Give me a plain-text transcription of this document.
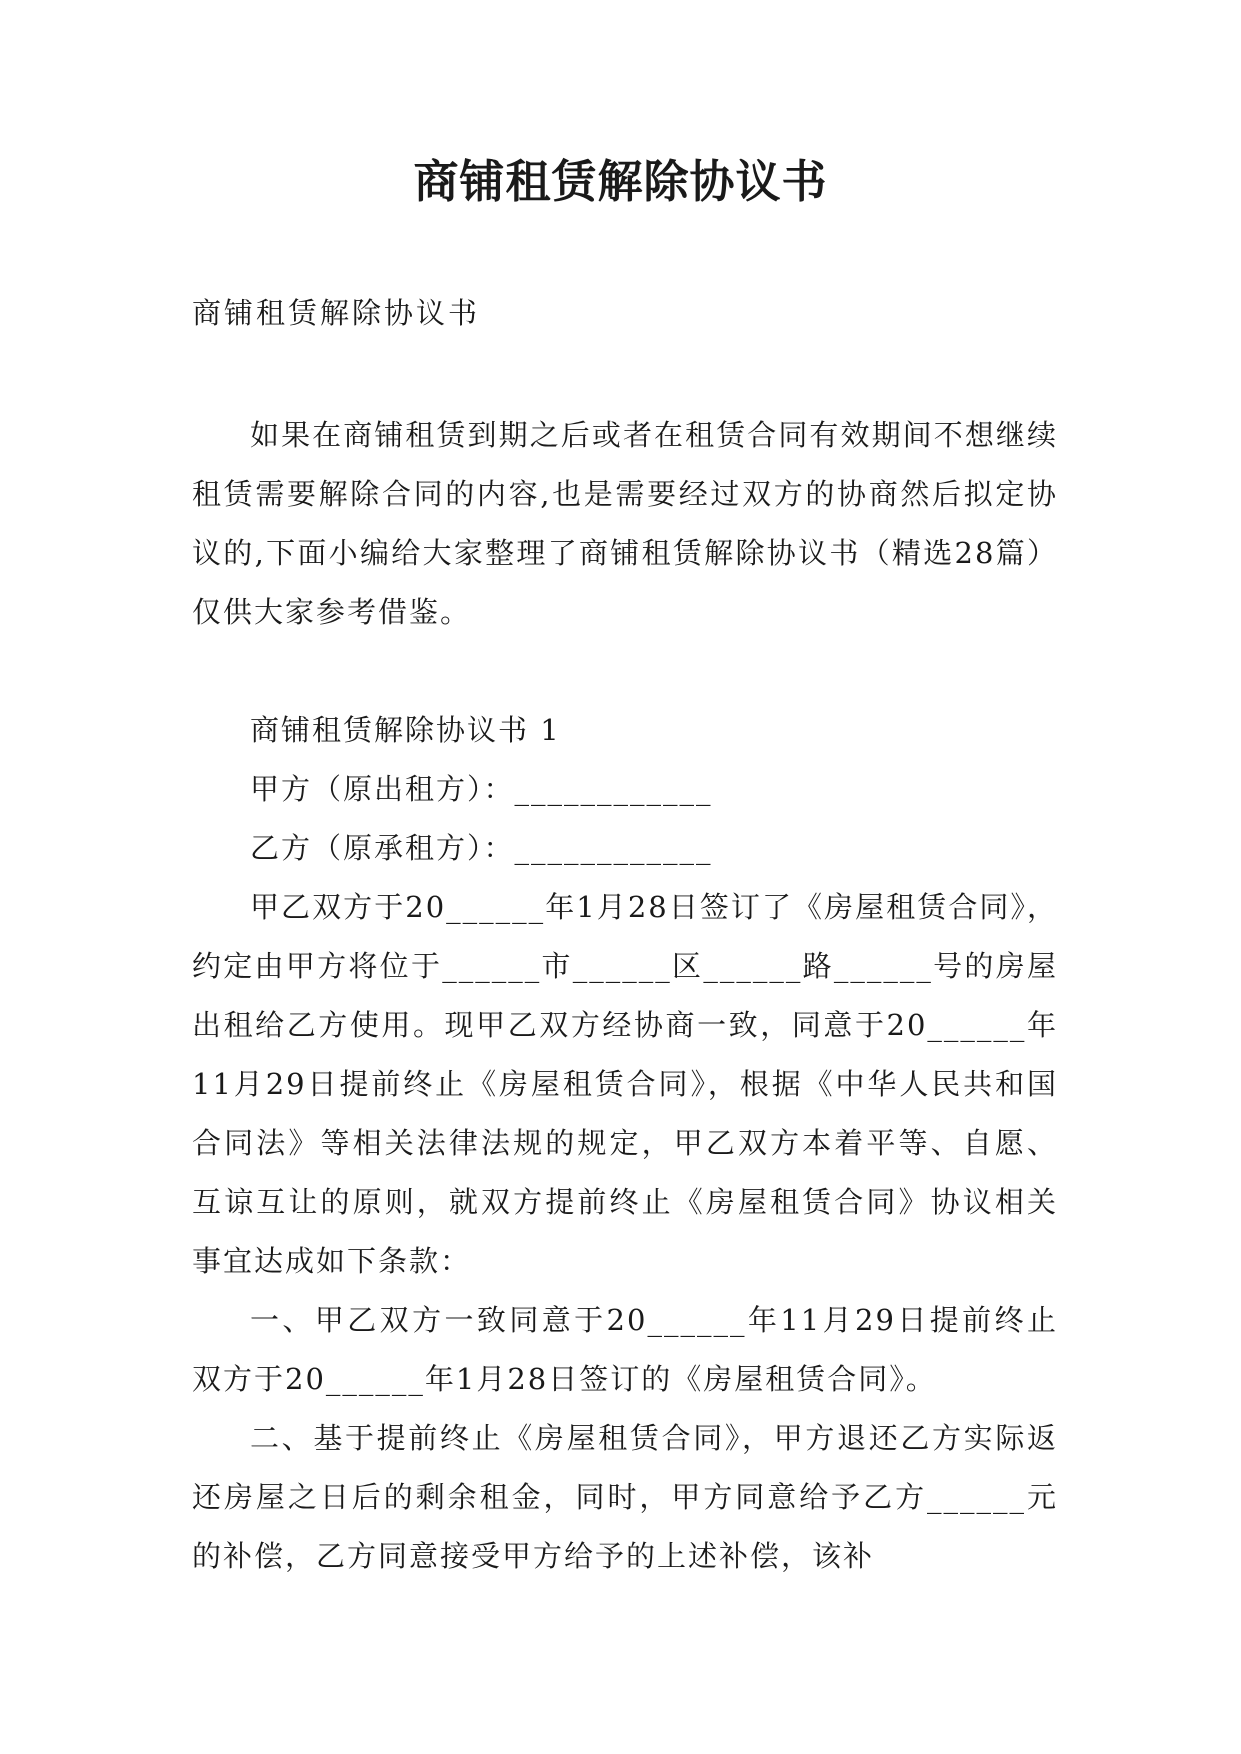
商铺租赁解除协议书

商铺租赁解除协议书

如果在商铺租赁到期之后或者在租赁合同有效期间不想继续租赁需要解除合同的内容,也是需要经过双方的协商然后拟定协议的,下面小编给大家整理了商铺租赁解除协议书（精选28篇）仅供大家参考借鉴。

商铺租赁解除协议书 1

甲方（原出租方）：____________

乙方（原承租方）：____________

甲乙双方于20______年1月28日签订了《房屋租赁合同》，约定由甲方将位于______市______区______路______号的房屋出租给乙方使用。现甲乙双方经协商一致，同意于20______年11月29日提前终止《房屋租赁合同》，根据《中华人民共和国合同法》等相关法律法规的规定，甲乙双方本着平等、自愿、互谅互让的原则，就双方提前终止《房屋租赁合同》协议相关事宜达成如下条款：

一、甲乙双方一致同意于20______年11月29日提前终止双方于20______年1月28日签订的《房屋租赁合同》。

二、基于提前终止《房屋租赁合同》，甲方退还乙方实际返还房屋之日后的剩余租金，同时，甲方同意给予乙方______元的补偿，乙方同意接受甲方给予的上述补偿，该补
